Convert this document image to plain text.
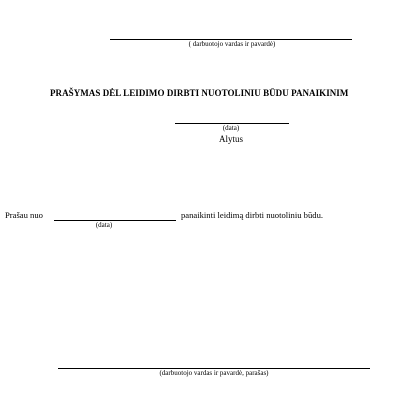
( darbuotojo vardas ir pavardė)
PRAŠYMAS DĖL LEIDIMO DIRBTI NUOTOLINIU BŪDU PANAIKINIM
(data)
Alytus
Prašau nuo
(data)
panaikinti leidimą dirbti nuotoliniu būdu.
(darbuotojo vardas ir pavardė, parašas)
